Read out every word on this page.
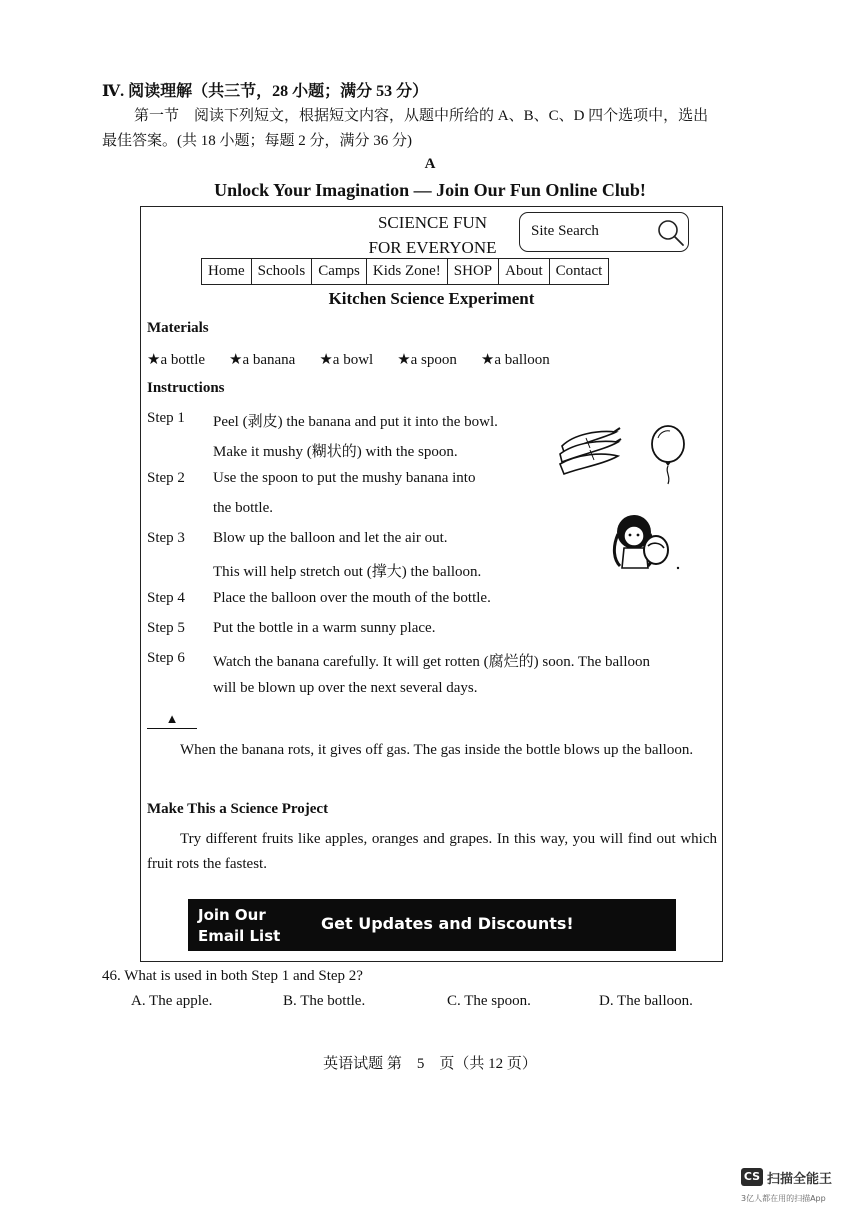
Ⅳ. 阅读理解（共三节，28 小题；满分 53 分）
第一节　阅读下列短文，根据短文内容，从题中所给的 A、B、C、D 四个选项中，选出
最佳答案。(共 18 小题；每题 2 分，满分 36 分)
A
Unlock Your Imagination — Join Our Fun Online Club!
SCIENCE FUN
FOR EVERYONE
Site Search
Home Schools Camps Kids Zone! SHOP About Contact
Kitchen Science Experiment
Materials
★a bottle ★a banana ★a bowl ★a spoon ★a balloon
Instructions
Step 1 Peel (剥皮) the banana and put it into the bowl.
Make it mushy (糊状的) with the spoon.
Step 2 Use the spoon to put the mushy banana into
the bottle.
Step 3 Blow up the balloon and let the air out.
This will help stretch out (撑大) the balloon.
Step 4 Place the balloon over the mouth of the bottle.
Step 5 Put the bottle in a warm sunny place.
Step 6 Watch the banana carefully. It will get rotten (腐烂的) soon. The balloon
will be blown up over the next several days.
▲
When the banana rots, it gives off gas. The gas inside the bottle blows up the balloon.
Make This a Science Project
Try different fruits like apples, oranges and grapes. In this way, you will find out which fruit rots the fastest.
Join Our
Email List
Get Updates and Discounts!
46. What is used in both Step 1 and Step 2?
A. The apple.	B. The bottle.	C. The spoon.	D. The balloon.
英语试题 第　5　页（共 12 页）
CS 扫描全能王
3亿人都在用的扫描App
